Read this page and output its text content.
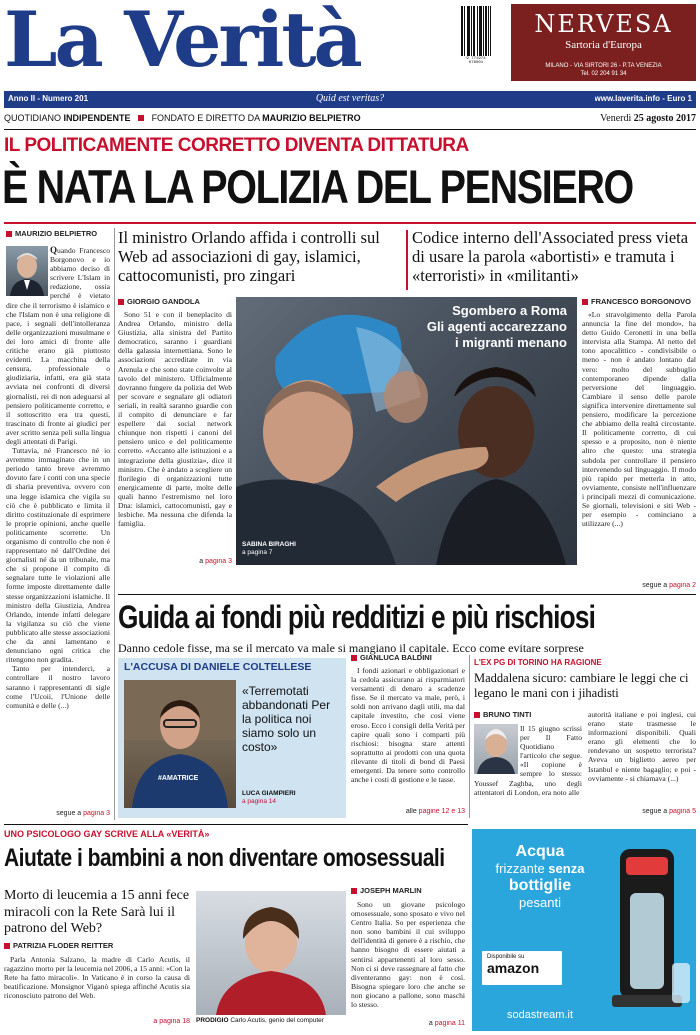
La Verità	9 771974 078001
NERVESA
Sartoria d'Europa
MILANO - VIA SIRTORI 26 - P.TA VENEZIA
Tel. 02 204 91 34
Anno II - Numero 201	Quid est veritas?	www.laverita.info - Euro 1
QUOTIDIANO INDIPENDENTE FONDATO E DIRETTO DA MAURIZIO BELPIETRO	Venerdì 25 agosto 2017
IL POLITICAMENTE CORRETTO DIVENTA DITTATURA
È NATA LA POLIZIA DEL PENSIERO
MAURIZIO BELPIETRO
Quando Francesco Borgonovo e io abbiamo deciso di scrivere L'Islam in redazione, ossia perché è vietato dire che il terrorismo è islamico e che l'Islam non è una religione di pace, i segnali dell'intolleranza delle organizzazioni musulmane e dei loro amici di fronte alle critiche erano già piuttosto evidenti. La macchina della censura, professionale o giudiziaria, infatti, era già stata avviata nei confronti di diversi giornalisti, rei di non adeguarsi al pensiero politicamente corretto, e il sottoscritto era tra questi, trascinato di fronte ai giudici per aver scritto senza peli sulla lingua degli attentati di Parigi.

Tuttavia, né Francesco né io avremmo immaginato che in un periodo tanto breve avremmo dovuto fare i conti con una specie di sharia preventiva, ovvero con una legge islamica che vigila su ciò che è pubblicato e limita il diritto costituzionale di esprimere le proprie opinioni, anche quelle politicamente scorrette. Un organismo di controllo che non è rappresentato né dall'Ordine dei giornalisti né da un tribunale, ma che si propone il compito di segnalare tutte le violazioni alle forme imposte direttamente dalle stesse organizzazioni islamiche. Il ministro della Giustizia, Andrea Orlando, intende infatti delegare la vigilanza su ciò che viene pubblicato alle stesse associazioni che da anni lamentano e denunciano ogni critica che ritengono non gradita.

Tanto per intenderci, a controllare il nostro lavoro saranno i rappresentanti di sigle come l'Ucoii, l'Unione delle comunità e delle (...)

segue a pagina 3
Il ministro Orlando affida i controlli sul Web ad associazioni di gay, islamici, cattocomunisti, pro zingari
Codice interno dell'Associated press vieta di usare la parola «abortisti» e tramuta i «terroristi» in «militanti»
GIORGIO GANDOLA
Sono 51 e con il beneplacito di Andrea Orlando, ministro della Giustizia, alla sinistra del Partito democratico, saranno i guardiani della galassia internettiana. Sono le associazioni accreditate in via Arenula e che sono state coinvolte al tavolo del ministero. Ufficialmente dovranno fungere da polizia del Web per scovare e segnalare gli odiatori seriali, in realtà saranno guardie con il compito di denunciare e far espellere dai social network chiunque non rispetti i canoni del pensiero unico e del politicamente corretto. «Accanto alle istituzioni e a integrazione della giustizia», dice il ministro. Che è andato a scegliere un florilegio di organizzazioni tutte energicamente di parte, molte delle quali hanno l'estremismo nel loro Dna: islamici, cattocomunisti, gay e lesbiche. Ma nessuna che difenda la famiglia.
a pagina 3
Sgombero a Roma
Gli agenti accarezzano
i migranti menano
SABINA BIRAGHI
a pagina 7
FRANCESCO BORGONOVO
«Lo stravolgimento della Parola annuncia la fine del mondo», ha detto Guido Ceronetti in una bella intervista alla Stampa. Al netto del tono apocalittico - condivisibile o meno - non è andato lontano dal vero: molto del subbuglio contemporaneo dipende dalla perversione del linguaggio. Cambiare il senso delle parole significa intervenire direttamente sul pensiero, modificare la percezione che abbiamo della realtà circostante. Il politicamente corretto, di cui spesso e a proposito, non è niente altro che questo: una strategia subdola per controllare il pensiero intervenendo sul linguaggio. Il modo più rapido per metterla in atto, ovviamente, consiste nell'influenzare i principali mezzi di comunicazione. Se giornali, televisioni e siti Web - per esempio - cominciano a utilizzare (...)
segue a pagina 2
Guida ai fondi più redditizi e più rischiosi
Danno cedole fisse, ma se il mercato va male si mangiano il capitale. Ecco come evitare sorprese
L'ACCUSA DI DANIELE COLTELLESE
#AMATRICE
«Terremotati abbandonati Per la politica noi siamo solo un costo»
LUCA GIAMPIERI
a pagina 14
GIANLUCA BALDINI
I fondi azionari e obbligazionari e la cedola assicurano ai risparmiatori versamenti di denaro a scadenze fisse. Se il mercato va male, però, i soldi non arrivano dagli utili, ma dal capitale investito, che così viene eroso. Ecco i consigli della Verità per capire quali sono i comparti più rischiosi: bisogna stare attenti soprattutto ai prodotti con una quota rilevante di titoli di bond di Paesi emergenti. Da tenere sotto controllo anche i costi di gestione e le tasse.
alle pagine 12 e 13
L'EX PG DI TORINO HA RAGIONE
Maddalena sicuro: cambiare le leggi che ci legano le mani con i jihadisti
BRUNO TINTI
Il 15 giugno scrissi per Il Fatto Quotidiano l'articolo che segue. «Il copione è sempre lo stesso: Youssef Zaghba, uno degli attentatori di London, era noto alle
autorità italiane e poi inglesi, cui erano state trasmesse le informazioni disponibili. Quali erano gli elementi che lo rendevano un sospetto terrorista? Aveva un biglietto aereo per Istanbul e niente bagaglio; e poi - ovviamente - si chiamava (...)
segue a pagina 5
UNO PSICOLOGO GAY SCRIVE ALLA «VERITÀ»
Aiutate i bambini a non diventare omosessuali
Morto di leucemia a 15 anni fece miracoli con la Rete Sarà lui il patrono del Web?
PATRIZIA FLODER REITTER
Parla Antonia Salzano, la madre di Carlo Acutis, il ragazzino morto per la leucemia nel 2006, a 15 anni: «Con la Rete ha fatto miracoli». In Vaticano è in corso la causa di beatificazione. Monsignor Viganò spiega affinché Acutis sia riconosciuto patrono del Web.
a pagina 18 PRODIGIO Carlo Acutis, genio del computer
JOSEPH MARLIN
Sono un giovane psicologo omosessuale, sono sposato e vivo nel Centro Italia. So per esperienza che non sono bambini il cui sviluppo dell'identità di genere è a rischio, che hanno bisogno di essere aiutati a sentirsi appartenenti al loro sesso. Non ci si deve rassegnare al fatto che diventeranno gay: non è così. Bisogna spiegare loro che anche se non giocano a pallone, sono maschi lo stesso.
a pagina 11
Acqua
frizzante senza
bottiglie
pesanti
Disponibile su
amazon
sodastream.it
